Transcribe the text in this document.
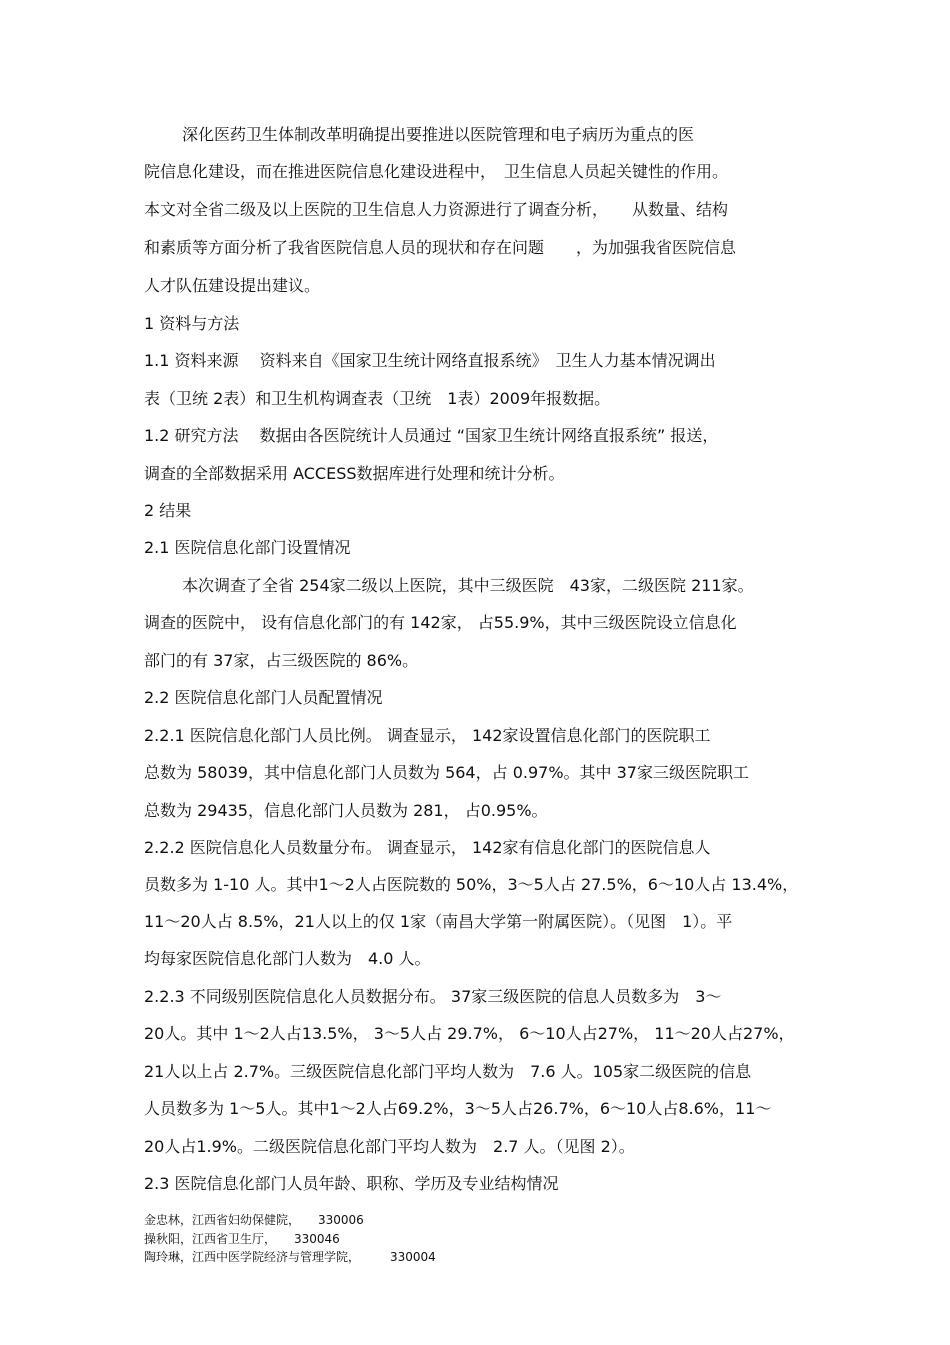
深化医药卫生体制改革明确提出要推进以医院管理和电子病历为重点的医
院信息化建设，而在推进医院信息化建设进程中，　卫生信息人员起关键性的作用。
本文对全省二级及以上医院的卫生信息人力资源进行了调查分析，　　从数量、结构
和素质等方面分析了我省医院信息人员的现状和存在问题　　，为加强我省医院信息
人才队伍建设提出建议。
1 资料与方法
1.1 资料来源　 资料来自《国家卫生统计网络直报系统》　卫生人力基本情况调出
表（卫统 2表）和卫生机构调查表（卫统　1表）2009年报数据。
1.2 研究方法　 数据由各医院统计人员通过 “国家卫生统计网络直报系统” 报送，
调查的全部数据采用 ACCESS数据库进行处理和统计分析。
2 结果
2.1 医院信息化部门设置情况
本次调查了全省 254家二级以上医院，其中三级医院　43家，二级医院 211家。
调查的医院中， 设有信息化部门的有 142家， 占55.9%，其中三级医院设立信息化
部门的有 37家，占三级医院的 86%。
2.2 医院信息化部门人员配置情况
2.2.1 医院信息化部门人员比例。 调查显示， 142家设置信息化部门的医院职工
总数为 58039，其中信息化部门人员数为 564，占 0.97%。其中 37家三级医院职工
总数为 29435，信息化部门人员数为 281， 占0.95%。
2.2.2 医院信息化人员数量分布。 调查显示， 142家有信息化部门的医院信息人
员数多为 1-10 人。其中1～2人占医院数的 50%，3～5人占 27.5%，6～10人占 13.4%，
11～20人占 8.5%，21人以上的仅 1家（南昌大学第一附属医院）。（见图　1）。平
均每家医院信息化部门人数为　4.0 人。
2.2.3 不同级别医院信息化人员数据分布。 37家三级医院的信息人员数多为　3～
20人。其中 1～2人占13.5%， 3～5人占 29.7%， 6～10人占27%， 11～20人占27%，
21人以上占 2.7%。三级医院信息化部门平均人数为　7.6 人。105家二级医院的信息
人员数多为 1～5人。其中1～2人占69.2%，3～5人占26.7%，6～10人占8.6%，11～
20人占1.9%。二级医院信息化部门平均人数为　2.7 人。（见图 2）。
2.3 医院信息化部门人员年龄、职称、学历及专业结构情况
金忠林，江西省妇幼保健院，　　330006
操秋阳，江西省卫生厅，　　330046
陶玲琳，江西中医学院经济与管理学院，　　　330004
